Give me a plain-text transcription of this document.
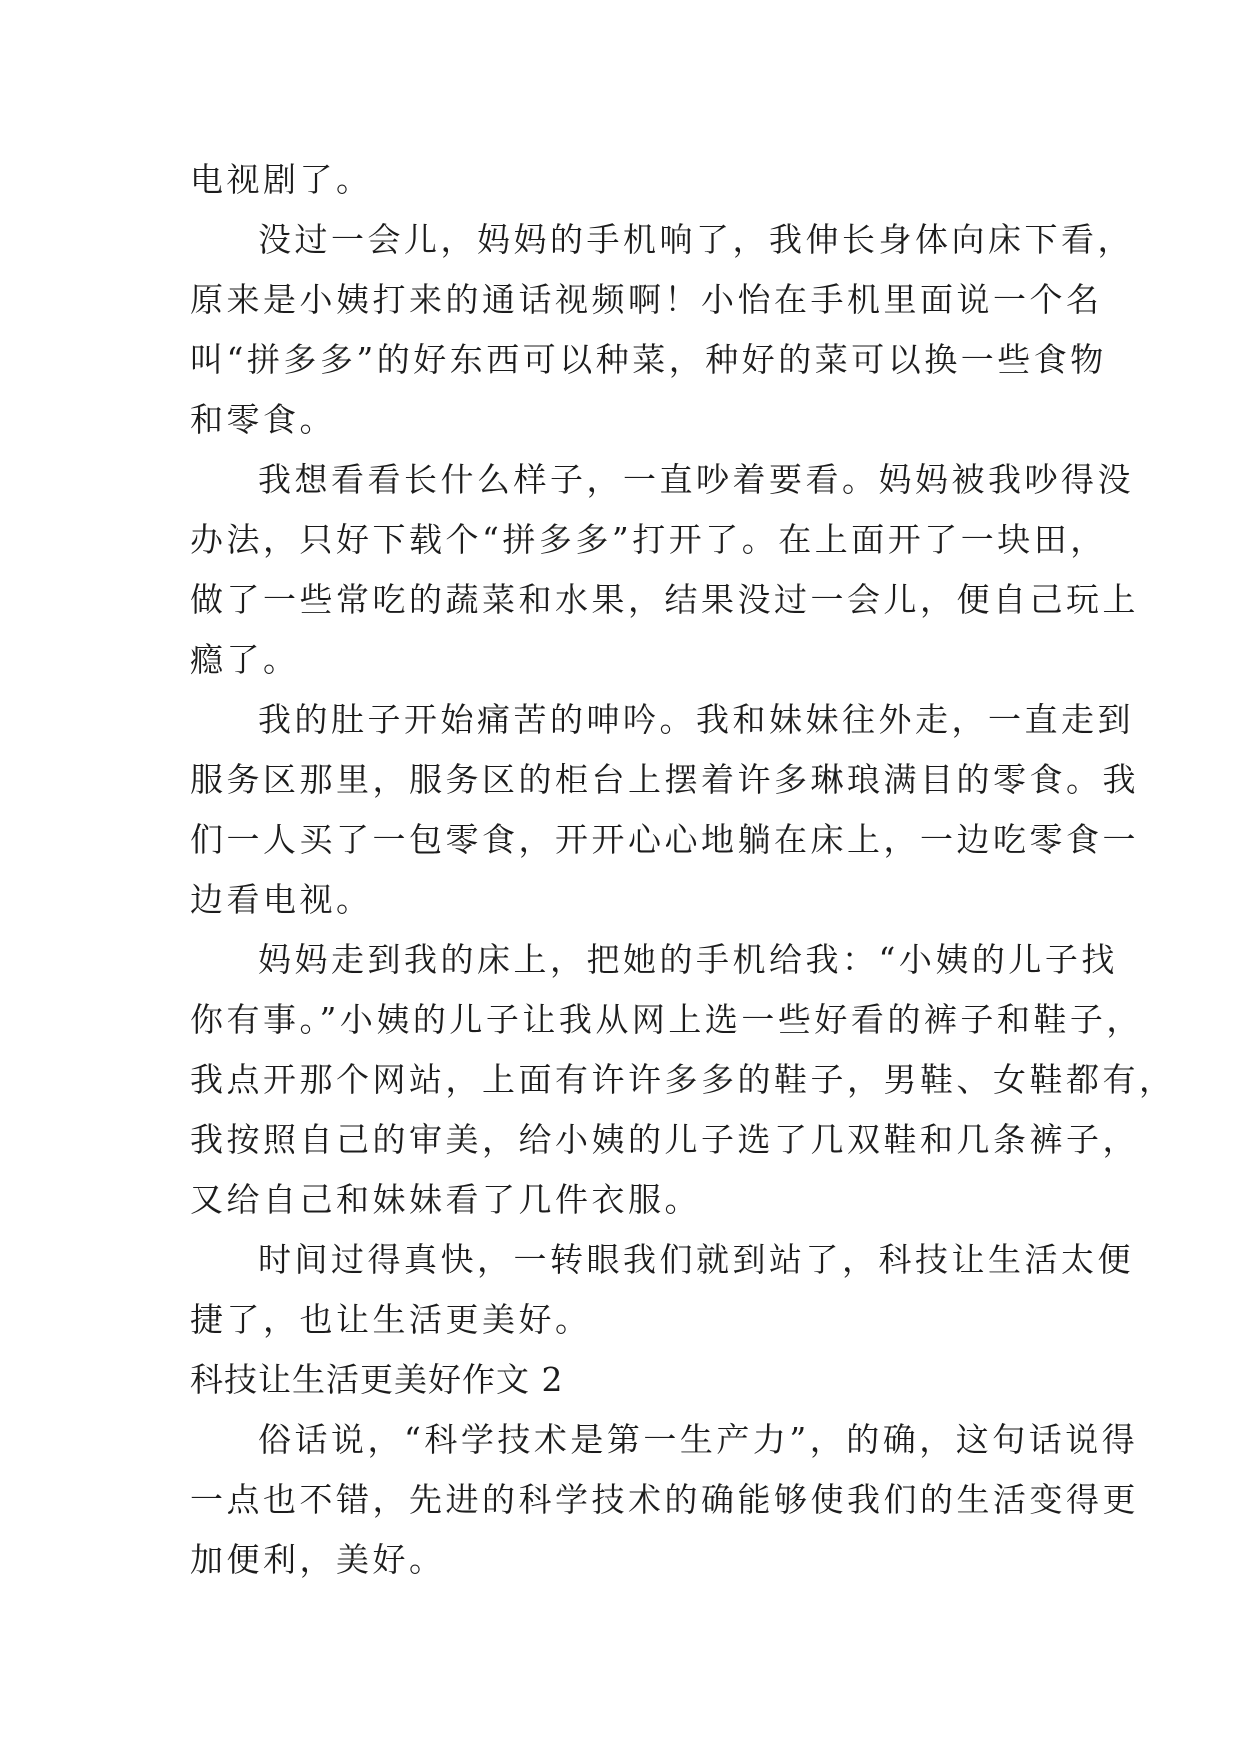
电视剧了。

没过一会儿，妈妈的手机响了，我伸长身体向床下看，
原来是小姨打来的通话视频啊！小怡在手机里面说一个名
叫“拼多多”的好东西可以种菜，种好的菜可以换一些食物
和零食。

我想看看长什么样子，一直吵着要看。妈妈被我吵得没
办法，只好下载个“拼多多”打开了。在上面开了一块田，
做了一些常吃的蔬菜和水果，结果没过一会儿，便自己玩上
瘾了。

我的肚子开始痛苦的呻吟。我和妹妹往外走，一直走到
服务区那里，服务区的柜台上摆着许多琳琅满目的零食。我
们一人买了一包零食，开开心心地躺在床上，一边吃零食一
边看电视。

妈妈走到我的床上，把她的手机给我：“小姨的儿子找
你有事。”小姨的儿子让我从网上选一些好看的裤子和鞋子，
我点开那个网站，上面有许许多多的鞋子，男鞋、女鞋都有，
我按照自己的审美，给小姨的儿子选了几双鞋和几条裤子，
又给自己和妹妹看了几件衣服。

时间过得真快，一转眼我们就到站了，科技让生活太便
捷了，也让生活更美好。

科技让生活更美好作文 2

俗话说，“科学技术是第一生产力”，的确，这句话说得
一点也不错，先进的科学技术的确能够使我们的生活变得更
加便利，美好。
